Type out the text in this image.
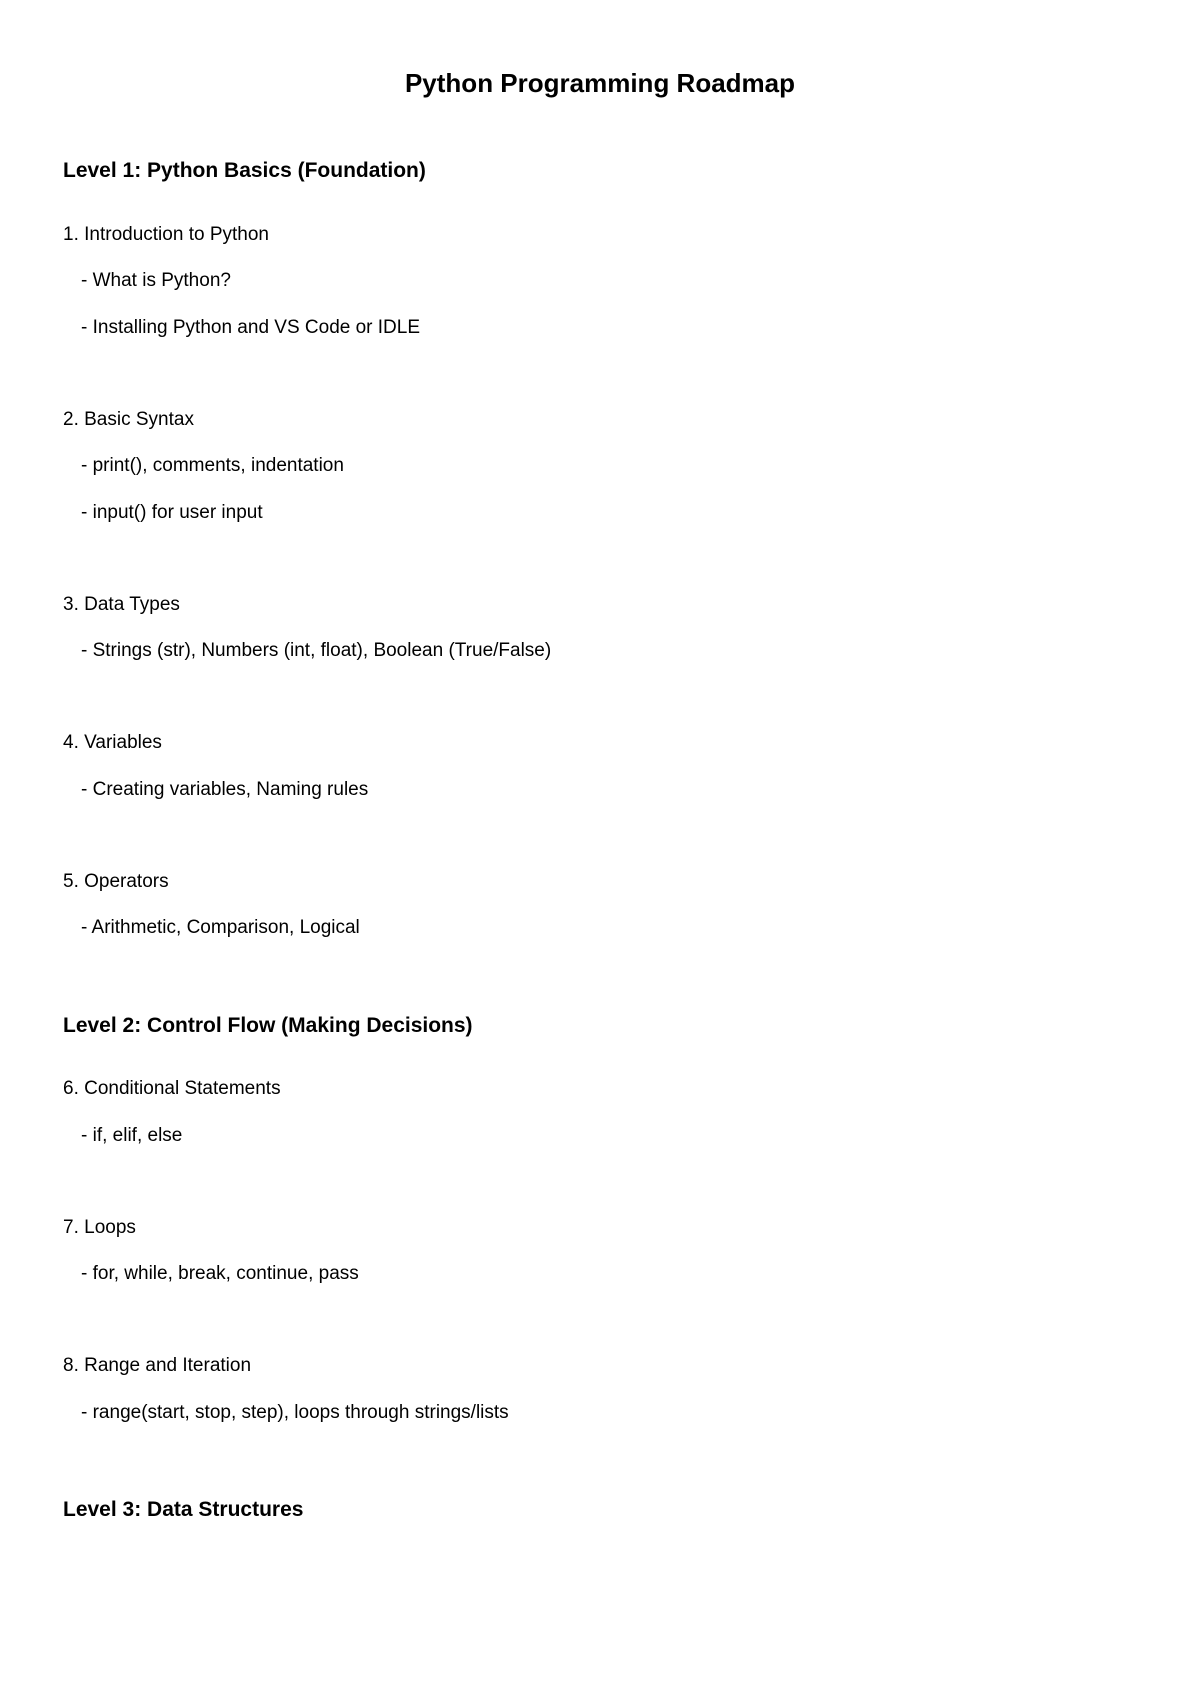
Python Programming Roadmap
Level 1: Python Basics (Foundation)
1. Introduction to Python
- What is Python?
- Installing Python and VS Code or IDLE
2. Basic Syntax
- print(), comments, indentation
- input() for user input
3. Data Types
- Strings (str), Numbers (int, float), Boolean (True/False)
4. Variables
- Creating variables, Naming rules
5. Operators
- Arithmetic, Comparison, Logical
Level 2: Control Flow (Making Decisions)
6. Conditional Statements
- if, elif, else
7. Loops
- for, while, break, continue, pass
8. Range and Iteration
- range(start, stop, step), loops through strings/lists
Level 3: Data Structures
